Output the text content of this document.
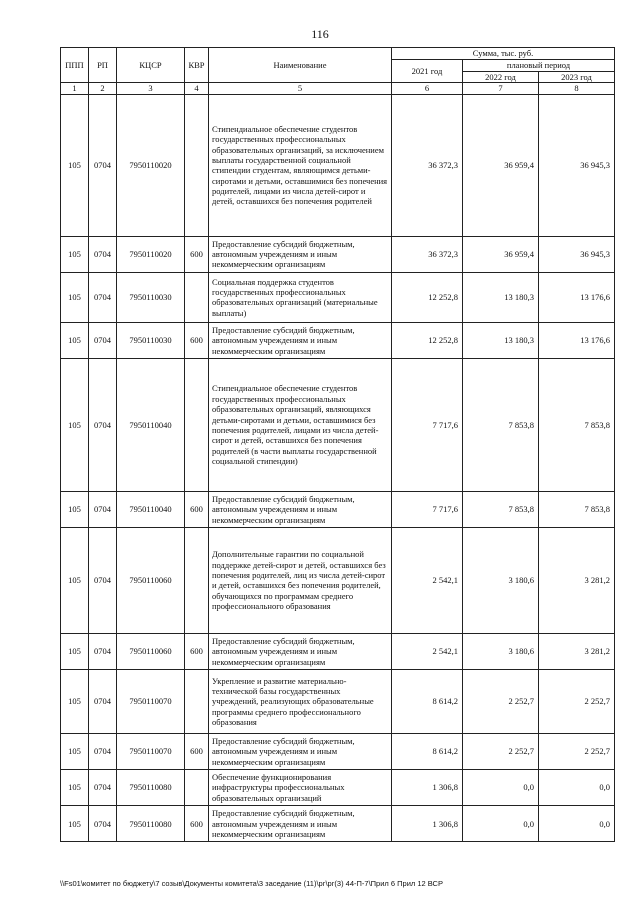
116
ППП	РП	КЦСР	КВР	Наименование	Сумма, тыс. руб.		
					2021 год	плановый период	
						2022 год	2023 год
1	2	3	4	5	6	7	8
105	0704	7950110020		Стипендиальное обеспечение студентов государственных профессиональных образовательных организаций, за исключением выплаты государственной социальной стипендии студентам, являющимся детьми-сиротами и детьми, оставшимися без попечения родителей, лицами из числа детей-сирот и детей, оставшихся без попечения родителей	36 372,3	36 959,4	36 945,3
105	0704	7950110020	600	Предоставление субсидий бюджетным, автономным учреждениям и иным некоммерческим организациям	36 372,3	36 959,4	36 945,3
105	0704	7950110030		Социальная поддержка студентов государственных профессиональных образовательных организаций (материальные выплаты)	12 252,8	13 180,3	13 176,6
105	0704	7950110030	600	Предоставление субсидий бюджетным, автономным учреждениям и иным некоммерческим организациям	12 252,8	13 180,3	13 176,6
105	0704	7950110040		Стипендиальное обеспечение студентов государственных профессиональных образовательных организаций, являющихся детьми-сиротами и детьми, оставшимися без попечения родителей, лицами из числа детей-сирот и детей, оставшихся без попечения родителей (в части выплаты государственной социальной стипендии)	7 717,6	7 853,8	7 853,8
105	0704	7950110040	600	Предоставление субсидий бюджетным, автономным учреждениям и иным некоммерческим организациям	7 717,6	7 853,8	7 853,8
105	0704	7950110060		Дополнительные гарантии по социальной поддержке детей-сирот и детей, оставшихся без попечения родителей, лиц из числа детей-сирот и детей, оставшихся без попечения родителей, обучающихся по программам среднего профессионального образования	2 542,1	3 180,6	3 281,2
105	0704	7950110060	600	Предоставление субсидий бюджетным, автономным учреждениям и иным некоммерческим организациям	2 542,1	3 180,6	3 281,2
105	0704	7950110070		Укрепление и развитие материально-технической базы государственных учреждений, реализующих образовательные программы среднего профессионального образования	8 614,2	2 252,7	2 252,7
105	0704	7950110070	600	Предоставление субсидий бюджетным, автономным учреждениям и иным некоммерческим организациям	8 614,2	2 252,7	2 252,7
105	0704	7950110080		Обеспечение функционирования инфраструктуры профессиональных образовательных организаций	1 306,8	0,0	0,0
105	0704	7950110080	600	Предоставление субсидий бюджетным, автономным учреждениям и иным некоммерческим организациям	1 306,8	0,0	0,0
\\Fs01\комитет по бюджету\7 созыв\Документы комитета\3 заседание (11)\рг\рг(3) 44-П-7\Прил 6 Прил 12 ВСР
